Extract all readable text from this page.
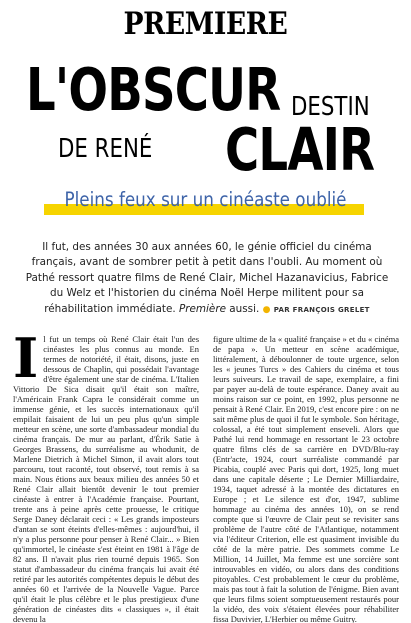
PREMIERE
L'OBSCUR DESTIN
DE RENÉ CLAIR
Pleins feux sur un cinéaste oublié
Il fut, des années 30 aux années 60, le génie officiel du cinéma français, avant de sombrer petit à petit dans l'oubli. Au moment où Pathé ressort quatre films de René Clair, Michel Hazanavicius, Fabrice du Welz et l'historien du cinéma Noël Herpe militent pour sa réhabilitation immédiate. Première aussi. ● PAR FRANÇOIS GRELET
I l fut un temps où René Clair était l'un des cinéastes les plus connus au monde. En termes de notoriété, il était, disons, juste en dessous de Chaplin, qui possédait l'avantage d'être également une star de cinéma. L'Italien Vittorio De Sica disait qu'il était son maître, l'Américain Frank Capra le considérait comme un immense génie, et les succès internationaux qu'il empilait faisaient de lui un peu plus qu'un simple metteur en scène, une sorte d'ambassadeur mondial du cinéma français. De mur au parlant, d'Érik Satie à Georges Brassens, du surréalisme au whodunit, de Marlene Dietrich à Michel Simon, il avait alors tout parcouru, tout raconté, tout observé, tout remis à sa main. Nous étions aux beaux milieu des années 50 et René Clair allait bientôt devenir le tout premier cinéaste à entrer à l'Académie française. Pourtant, trente ans à peine après cette prouesse, le critique Serge Daney déclarait ceci : « Les grands imposteurs d'antan se sont éteints d'elles-mêmes : aujourd'hui, il n'y a plus personne pour penser à René Clair... » Bien qu'immortel, le cinéaste s'est éteint en 1981 à l'âge de 82 ans. Il n'avait plus rien tourné depuis 1965. Son statut d'ambassadeur du cinéma français lui avait été retiré par les autorités compétentes depuis le début des années 60 et l'arrivée de la Nouvelle Vague. Parce qu'il était le plus célèbre et le plus prestigieux d'une génération de cinéastes dits « classiques », il était devenu la

figure ultime de la « qualité française » et du « cinéma de papa ». Un metteur en scène académique, littéralement, à déboulonner de toute urgence, selon les « jeunes Turcs » des Cahiers du cinéma et tous leurs suiveurs. Le travail de sape, exemplaire, a fini par payer au-delà de toute espérance. Daney avait au moins raison sur ce point, en 1992, plus personne ne pensait à René Clair. En 2019, c'est encore pire : on ne sait même plus de quoi il fut le symbole. Son héritage, colossal, a été tout simplement enseveli. Alors que Pathé lui rend hommage en ressortant le 23 octobre quatre films clés de sa carrière en DVD/Blu-ray (Entr'acte, 1924, court surréaliste commandé par Picabia, couplé avec Paris qui dort, 1925, long muet dans une capitale déserte ; Le Dernier Milliardaire, 1934, taquet adressé à la montée des dictatures en Europe ; et Le silence est d'or, 1947, sublime hommage au cinéma des années 10), on se rend compte que si l'œuvre de Clair peut se revisiter sans problème de l'autre côté de l'Atlantique, notamment via l'éditeur Criterion, elle est quasiment invisible du côté de la mère patrie. Des sommets comme Le Million, 14 Juillet, Ma femme est une sorcière sont introuvables en vidéo, ou alors dans des conditions pitoyables. C'est probablement le cœur du problème, mais pas tout à fait la solution de l'énigme. Bien avant que leurs films soient somptueusement restaurés pour la vidéo, des voix s'étaient élevées pour réhabiliter fissa Duvivier, L'Herbier ou même Guitry.
